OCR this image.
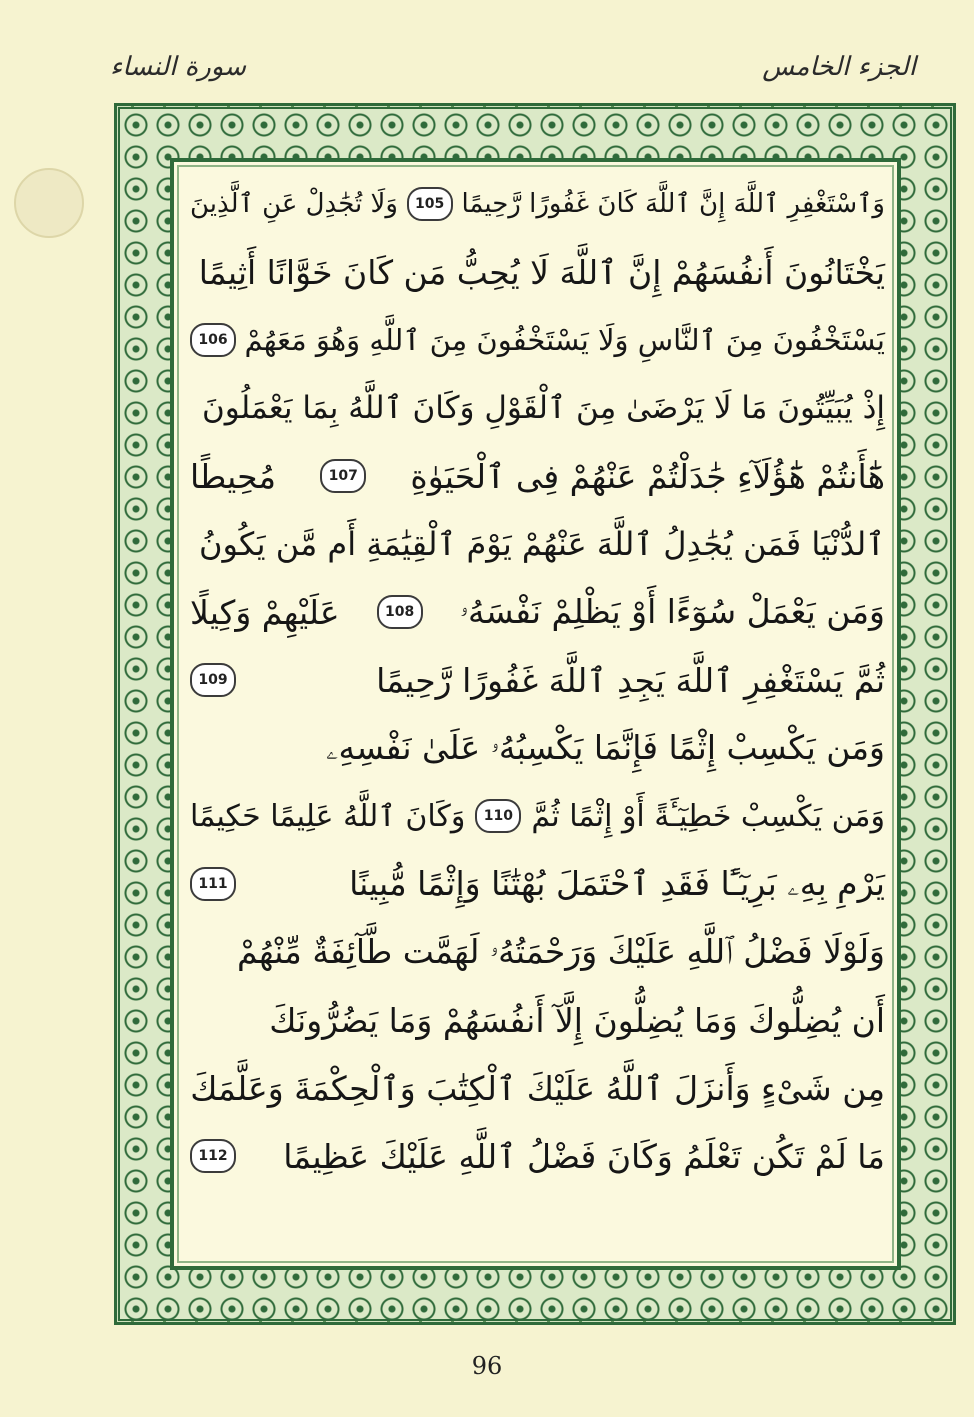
الجزء الخامس
سورة النساء
وَٱسْتَغْفِرِ ٱللَّهَ إِنَّ ٱللَّهَ كَانَ غَفُورًا رَّحِيمًا
105
وَلَا تُجَٰدِلْ عَنِ ٱلَّذِينَ
يَخْتَانُونَ أَنفُسَهُمْ إِنَّ ٱللَّهَ لَا يُحِبُّ مَن كَانَ خَوَّانًا أَثِيمًا
يَسْتَخْفُونَ مِنَ ٱلنَّاسِ وَلَا يَسْتَخْفُونَ مِنَ ٱللَّهِ وَهُوَ مَعَهُمْ
106
إِذْ يُبَيِّتُونَ مَا لَا يَرْضَىٰ مِنَ ٱلْقَوْلِ وَكَانَ ٱللَّهُ بِمَا يَعْمَلُونَ
هَٰٓأَنتُمْ هَٰٓؤُلَآءِ جَٰدَلْتُمْ عَنْهُمْ فِى ٱلْحَيَوٰةِ
107
مُحِيطًا
ٱلدُّنْيَا فَمَن يُجَٰدِلُ ٱللَّهَ عَنْهُمْ يَوْمَ ٱلْقِيَٰمَةِ أَم مَّن يَكُونُ
وَمَن يَعْمَلْ سُوٓءًا أَوْ يَظْلِمْ نَفْسَهُۥ
108
عَلَيْهِمْ وَكِيلًا
ثُمَّ يَسْتَغْفِرِ ٱللَّهَ يَجِدِ ٱللَّهَ غَفُورًا رَّحِيمًا
109
وَمَن يَكْسِبْ إِثْمًا فَإِنَّمَا يَكْسِبُهُۥ عَلَىٰ نَفْسِهِۦ
وَمَن يَكْسِبْ خَطِيٓـَٔةً أَوْ إِثْمًا ثُمَّ
110
وَكَانَ ٱللَّهُ عَلِيمًا حَكِيمًا
يَرْمِ بِهِۦ بَرِيٓـًٔا فَقَدِ ٱحْتَمَلَ بُهْتَٰنًا وَإِثْمًا مُّبِينًا
111
وَلَوْلَا فَضْلُ ٱللَّهِ عَلَيْكَ وَرَحْمَتُهُۥ لَهَمَّت طَّآئِفَةٌ مِّنْهُمْ
أَن يُضِلُّوكَ وَمَا يُضِلُّونَ إِلَّآ أَنفُسَهُمْ وَمَا يَضُرُّونَكَ
مِن شَىْءٍ وَأَنزَلَ ٱللَّهُ عَلَيْكَ ٱلْكِتَٰبَ وَٱلْحِكْمَةَ وَعَلَّمَكَ
مَا لَمْ تَكُن تَعْلَمُ وَكَانَ فَضْلُ ٱللَّهِ عَلَيْكَ عَظِيمًا
112
96
